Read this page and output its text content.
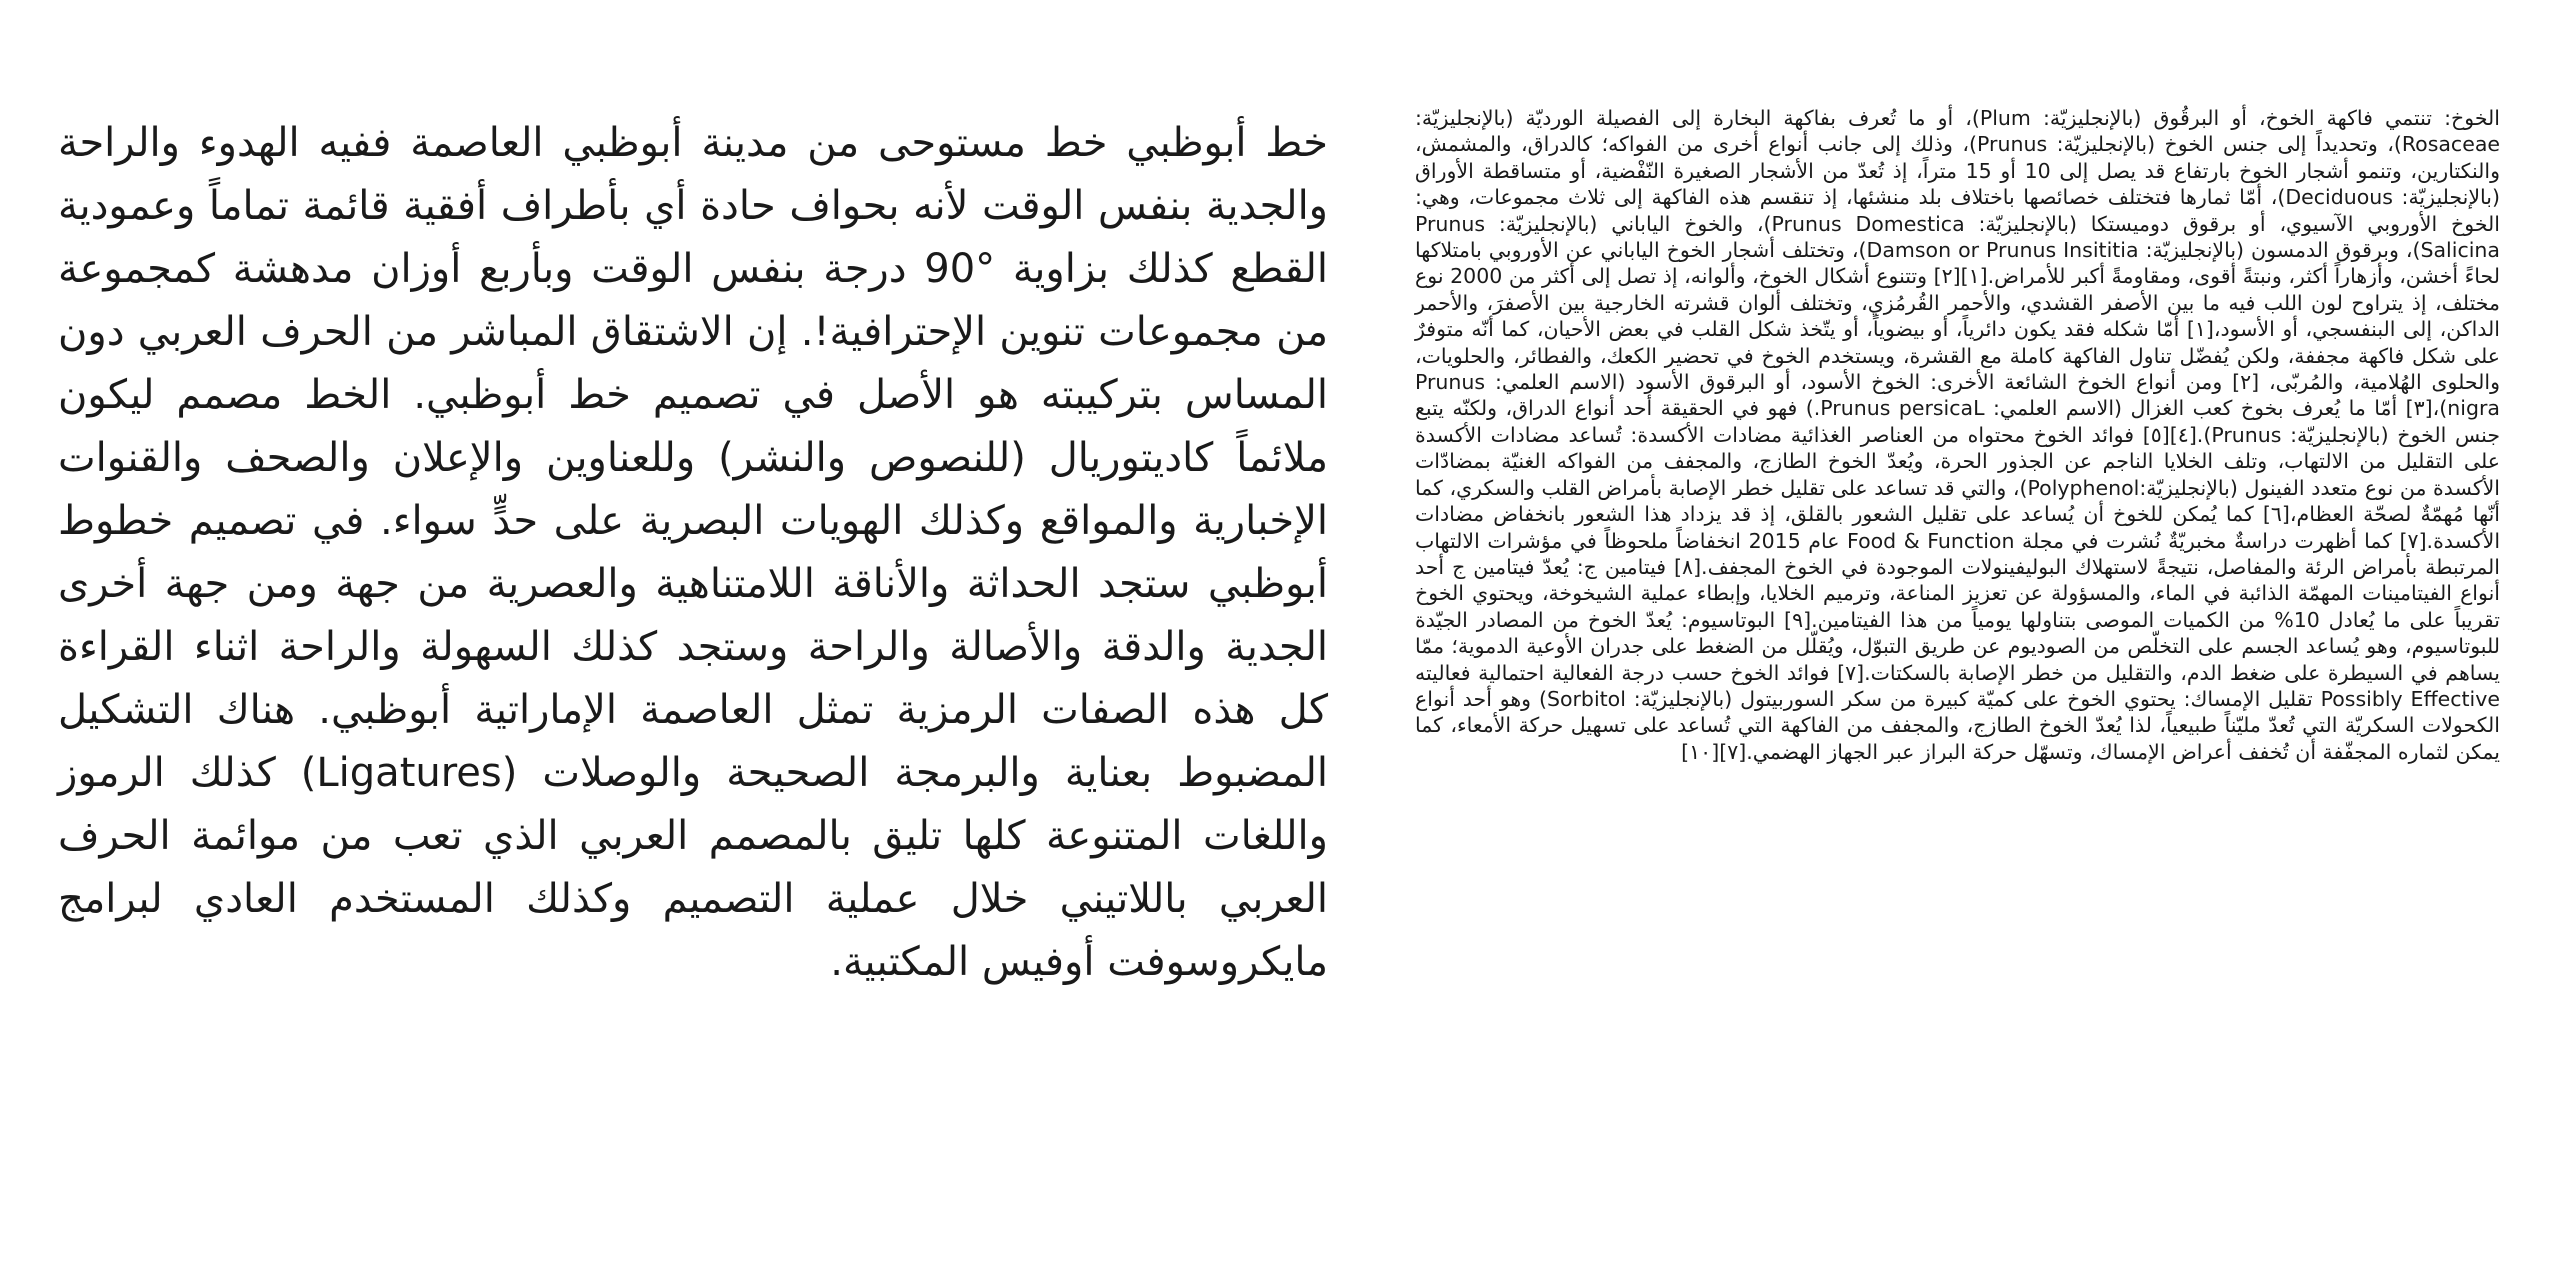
خط أبوظبي خط مستوحى من مدينة أبوظبي العاصمة ففيه الهدوء والراحة والجدية بنفس الوقت لأنه بحواف حادة أي بأطراف أفقية قائمة تماماً وعمودية القطع كذلك بزاوية °90 درجة بنفس الوقت وبأربع أوزان مدهشة كمجموعة من مجموعات تنوين الإحترافية!. إن الاشتقاق المباشر من الحرف العربي دون المساس بتركيبته هو الأصل في تصميم خط أبوظبي. الخط مصمم ليكون ملائماً كاديتوريال (للنصوص والنشر) وللعناوين والإعلان والصحف والقنوات الإخبارية والمواقع وكذلك الهويات البصرية على حدٍّ سواء. في تصميم خطوط أبوظبي ستجد الحداثة والأناقة اللامتناهية والعصرية من جهة ومن جهة أخرى الجدية والدقة والأصالة والراحة وستجد كذلك السهولة والراحة اثناء القراءة كل هذه الصفات الرمزية تمثل العاصمة الإماراتية أبوظبي. هناك التشكيل المضبوط بعناية والبرمجة الصحيحة والوصلات (Ligatures) كذلك الرموز واللغات المتنوعة كلها تليق بالمصمم العربي الذي تعب من موائمة الحرف العربي باللاتيني خلال عملية التصميم وكذلك المستخدم العادي لبرامج مايكروسوفت أوفيس المكتبية.

الخوخ: تنتمي فاكهة الخوخ، أو البرقُوق (بالإنجليزيّة: Plum)، أو ما تُعرف بفاكهة البخارة إلى الفصيلة الورديّة (بالإنجليزيّة: Rosaceae)، وتحديداً إلى جنس الخوخ (بالإنجليزيّة: Prunus)، وذلك إلى جانب أنواع أخرى من الفواكه؛ كالدراق، والمشمش، والنكتارين، وتنمو أشجار الخوخ بارتفاع قد يصل إلى 10 أو 15 متراً، إذ تُعدّ من الأشجار الصغيرة النّفْضية، أو متساقطة الأوراق (بالإنجليزيّة: Deciduous)، أمّا ثمارها فتختلف خصائصها باختلاف بلد منشئها، إذ تنقسم هذه الفاكهة إلى ثلاث مجموعات، وهي: الخوخ الأوروبي الآسيوي، أو برقوق دوميستكا (بالإنجليزيّة: Prunus Domestica)، والخوخ الياباني (بالإنجليزيّة: Prunus Salicina)، وبرقوق الدمسون (بالإنجليزيّة: Damson or Prunus Insititia)، وتختلف أشجار الخوخ الياباني عن الأوروبي بامتلاكها لحاءً أخشن، وأزهاراً أكثر، ونبتةً أقوى، ومقاومةً أكبر للأمراض.[١][٢] وتتنوع أشكال الخوخ، وألوانه، إذ تصل إلى أكثر من 2000 نوع مختلف، إذ يتراوح لون اللب فيه ما بين الأصفر القشدي، والأحمر القُرمُزي، وتختلف ألوان قشرته الخارجية بين الأصفرَ، والأحمر الداكن، إلى البنفسجي، أو الأسود،[١] أمّا شكله فقد يكون دائرياً، أو بيضوياً، أو يتّخذ شكل القلب في بعض الأحيان، كما أنّه متوفرٌ على شكل فاكهة مجففة، ولكن يُفضّل تناول الفاكهة كاملة مع القشرة، ويستخدم الخوخ في تحضير الكعك، والفطائر، والحلويات، والحلوى الهُلامية، والمُربّى، [٢] ومن أنواع الخوخ الشائعة الأخرى: الخوخ الأسود، أو البرقوق الأسود (الاسم العلمي: Prunus nigra)،[٣] أمّا ما يُعرف بخوخ كعب الغزال (الاسم العلمي: Prunus persicaL.) فهو في الحقيقة أحد أنواع الدراق، ولكنّه يتبع جنس الخوخ (بالإنجليزيّة: Prunus).[٤][٥] فوائد الخوخ محتواه من العناصر الغذائية مضادات الأكسدة: تُساعد مضادات الأكسدة على التقليل من الالتهاب، وتلف الخلايا الناجم عن الجذور الحرة، ويُعدّ الخوخ الطازج، والمجفف من الفواكه الغنيّة بمضادّات الأكسدة من نوع متعدد الفينول (بالإنجليزيّة:Polyphenol)، والتي قد تساعد على تقليل خطر الإصابة بأمراض القلب والسكري، كما أنّها مُهمّةٌ لصحّة العظام،[٦] كما يُمكن للخوخ أن يُساعد على تقليل الشعور بالقلق، إذ قد يزداد هذا الشعور بانخفاض مضادات الأكسدة.[٧] كما أظهرت دراسةٌ مخبريّةٌ نُشرت في مجلة Food & Function عام 2015 انخفاضاً ملحوظاً في مؤشرات الالتهاب المرتبطة بأمراض الرئة والمفاصل، نتيجةً لاستهلاك البوليفينولات الموجودة في الخوخ المجفف.[٨] فيتامين ج: يُعدّ فيتامين ج أحد أنواع الفيتامينات المهمّة الذائبة في الماء، والمسؤولة عن تعزيز المناعة، وترميم الخلايا، وإبطاء عملية الشيخوخة، ويحتوي الخوخ تقريباً على ما يُعادل 10% من الكميات الموصى بتناولها يومياً من هذا الفيتامين.[٩] البوتاسيوم: يُعدّ الخوخ من المصادر الجيّدة للبوتاسيوم، وهو يُساعد الجسم على التخلّص من الصوديوم عن طريق التبوّل، ويُقلّل من الضغط على جدران الأوعية الدموية؛ ممّا يساهم في السيطرة على ضغط الدم، والتقليل من خطر الإصابة بالسكتات.[٧] فوائد الخوخ حسب درجة الفعالية احتمالية فعاليته Possibly Effective تقليل الإمساك: يحتوي الخوخ على كميّة كبيرة من سكر السوربيتول (بالإنجليزيّة: Sorbitol) وهو أحد أنواع الكحولات السكريّة التي تُعدّ مليّناً طبيعياً، لذا يُعدّ الخوخ الطازج، والمجفف من الفاكهة التي تُساعد على تسهيل حركة الأمعاء، كما يمكن لثماره المجفّفة أن تُخفف أعراض الإمساك، وتسهّل حركة البراز عبر الجهاز الهضمي.[٧][١٠]
